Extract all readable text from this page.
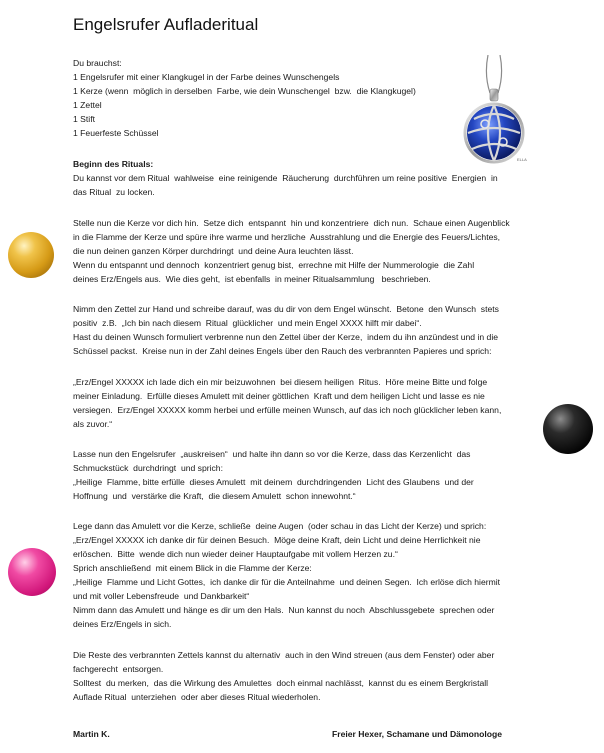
Engelsrufer Aufladeritual
Du brauchst:
1 Engelsrufer mit einer Klangkugel in der Farbe deines Wunschengels
1 Kerze (wenn  möglich in derselben  Farbe, wie dein Wunschengel  bzw.  die Klangkugel)
1 Zettel
1 Stift
1 Feuerfeste Schüssel
Beginn des Rituals:
Du kannst vor dem Ritual  wahlweise  eine reinigende  Räucherung  durchführen um reine positive  Energien  in
das Ritual  zu locken.
Stelle nun die Kerze vor dich hin.  Setze dich  entspannt  hin und konzentriere  dich nun.  Schaue einen Augenblick
in die Flamme der Kerze und spüre ihre warme und herzliche  Ausstrahlung und die Energie des Feuers/Lichtes,
die nun deinen ganzen Körper durchdringt  und deine Aura leuchten lässt.
Wenn du entspannt und dennoch  konzentriert genug bist,  errechne mit Hilfe der Nummerologie  die Zahl
deines Erz/Engels aus.  Wie dies geht,  ist ebenfalls  in meiner Ritualsammlung   beschrieben.
Nimm den Zettel zur Hand und schreibe darauf, was du dir von dem Engel wünscht.  Betone  den Wunsch  stets
positiv  z.B.  „Ich bin nach diesem  Ritual  glücklicher  und mein Engel XXXX hilft mir dabei“.
Hast du deinen Wunsch formuliert verbrenne nun den Zettel über der Kerze,  indem du ihn anzündest und in die
Schüssel packst.  Kreise nun in der Zahl deines Engels über den Rauch des verbrannten Papieres und sprich:
„Erz/Engel XXXXX ich lade dich ein mir beizuwohnen  bei diesem heiligen  Ritus.  Höre meine Bitte und folge
meiner Einladung.  Erfülle dieses Amulett mit deiner göttlichen  Kraft und dem heiligen Licht und lasse es nie
versiegen.  Erz/Engel XXXXX komm herbei und erfülle meinen Wunsch, auf das ich noch glücklicher leben kann,
als zuvor.“
Lasse nun den Engelsrufer  „auskreisen“  und halte ihn dann so vor die Kerze, dass das Kerzenlicht  das
Schmuckstück  durchdringt  und sprich:
„Heilige  Flamme, bitte erfülle  dieses Amulett  mit deinem  durchdringenden  Licht des Glaubens  und der
Hoffnung  und  verstärke die Kraft,  die diesem Amulett  schon innewohnt.“
Lege dann das Amulett vor die Kerze, schließe  deine Augen  (oder schau in das Licht der Kerze) und sprich:
„Erz/Engel XXXXX ich danke dir für deinen Besuch.  Möge deine Kraft, dein Licht und deine Herrlichkeit nie
erlöschen.  Bitte  wende dich nun wieder deiner Hauptaufgabe mit vollem Herzen zu.“
Sprich anschließend  mit einem Blick in die Flamme der Kerze:
„Heilige  Flamme und Licht Gottes,  ich danke dir für die Anteilnahme  und deinen Segen.  Ich erlöse dich hiermit
und mit voller Lebensfreude  und Dankbarkeit“
Nimm dann das Amulett und hänge es dir um den Hals.  Nun kannst du noch  Abschlussgebete  sprechen oder
deines Erz/Engels in sich.
Die Reste des verbrannten Zettels kannst du alternativ  auch in den Wind streuen (aus dem Fenster) oder aber
fachgerecht  entsorgen.
Solltest  du merken,  das die Wirkung des Amulettes  doch einmal nachlässt,  kannst du es einem Bergkristall
Auflade Ritual  unterziehen  oder aber dieses Ritual wiederholen.
Martin K.	Freier Hexer, Schamane und Dämonologe
ELLA
